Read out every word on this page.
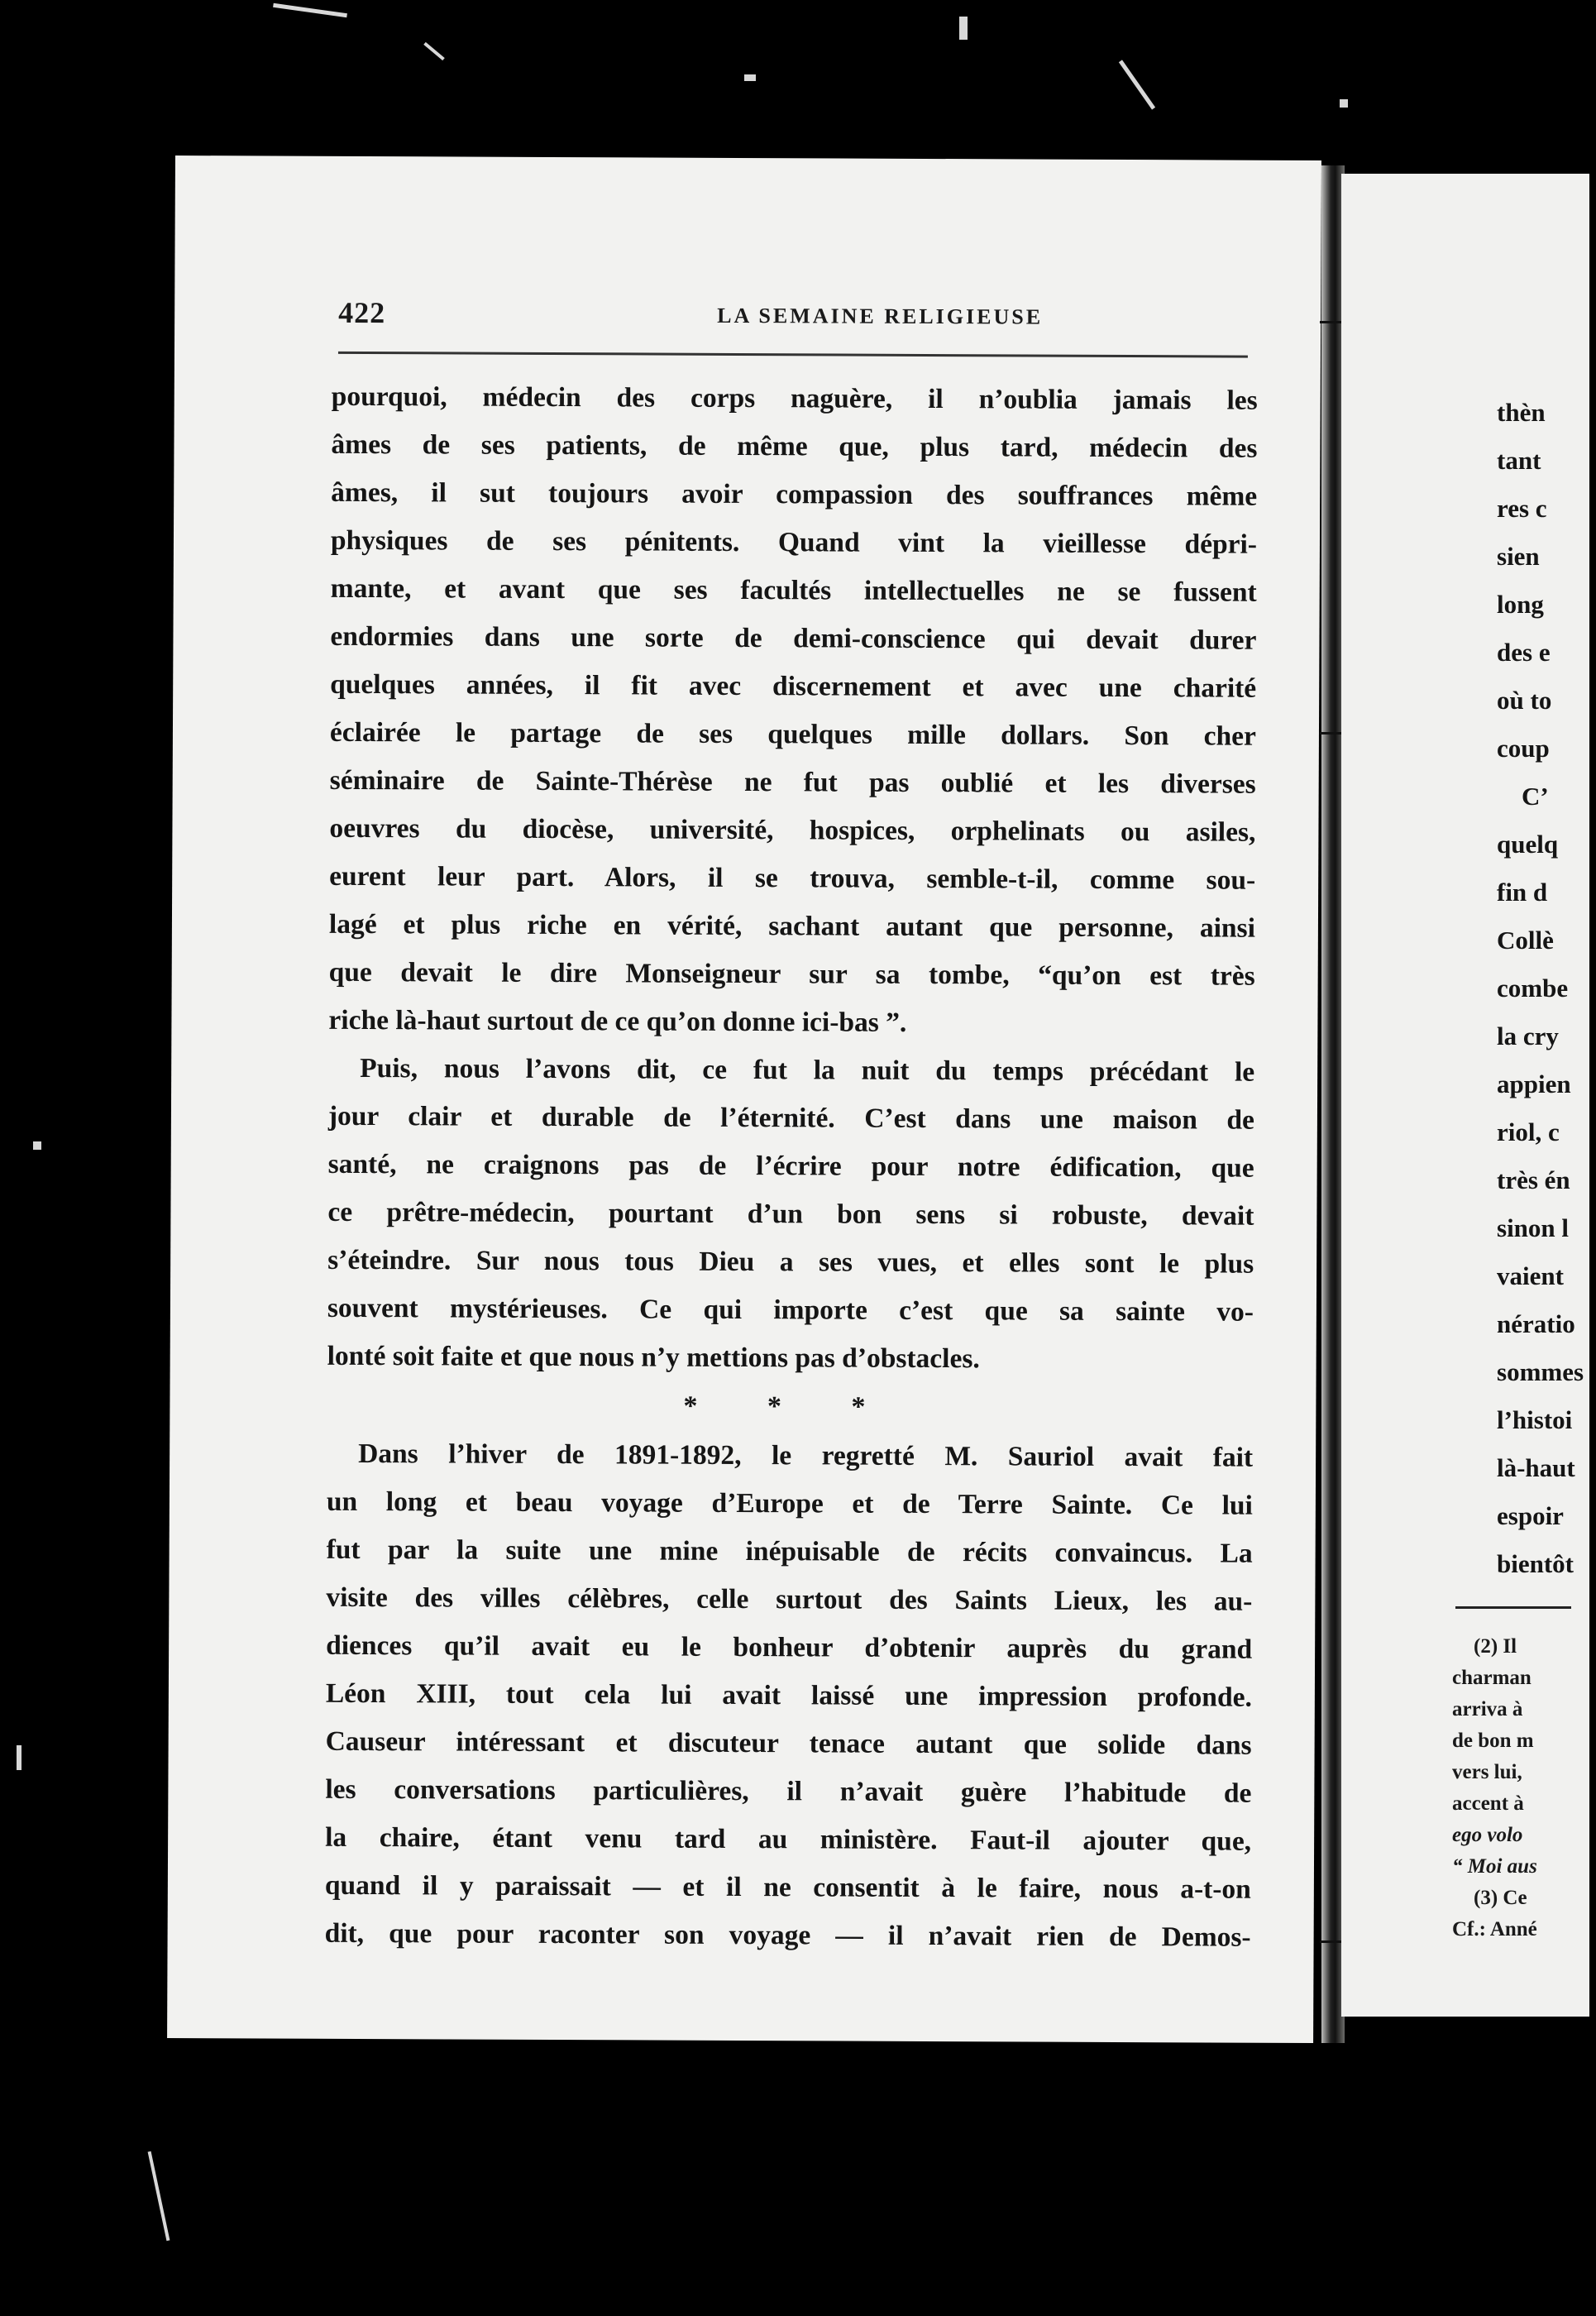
422	LA SEMAINE RELIGIEUSE
pourquoi, médecin des corps naguère, il n’oublia jamais les
âmes de ses patients, de même que, plus tard, médecin des
âmes, il sut toujours avoir compassion des souffrances même
physiques de ses pénitents. Quand vint la vieillesse dépri-
mante, et avant que ses facultés intellectuelles ne se fussent
endormies dans une sorte de demi-conscience qui devait durer
quelques années, il fit avec discernement et avec une charité
éclairée le partage de ses quelques mille dollars. Son cher
séminaire de Sainte-Thérèse ne fut pas oublié et les diverses
oeuvres du diocèse, université, hospices, orphelinats ou asiles,
eurent leur part. Alors, il se trouva, semble-t-il, comme sou-
lagé et plus riche en vérité, sachant autant que personne, ainsi
que devait le dire Monseigneur sur sa tombe, “qu’on est très
riche là-haut surtout de ce qu’on donne ici-bas ”.
Puis, nous l’avons dit, ce fut la nuit du temps précédant le
jour clair et durable de l’éternité. C’est dans une maison de
santé, ne craignons pas de l’écrire pour notre édification, que
ce prêtre-médecin, pourtant d’un bon sens si robuste, devait
s’éteindre. Sur nous tous Dieu a ses vues, et elles sont le plus
souvent mystérieuses. Ce qui importe c’est que sa sainte vo-
lonté soit faite et que nous n’y mettions pas d’obstacles.
* * *
Dans l’hiver de 1891-1892, le regretté M. Sauriol avait fait
un long et beau voyage d’Europe et de Terre Sainte. Ce lui
fut par la suite une mine inépuisable de récits convaincus. La
visite des villes célèbres, celle surtout des Saints Lieux, les au-
diences qu’il avait eu le bonheur d’obtenir auprès du grand
Léon XIII, tout cela lui avait laissé une impression profonde.
Causeur intéressant et discuteur tenace autant que solide dans
les conversations particulières, il n’avait guère l’habitude de
la chaire, étant venu tard au ministère. Faut-il ajouter que,
quand il y paraissait — et il ne consentit à le faire, nous a-t-on
dit, que pour raconter son voyage — il n’avait rien de Demos-
thèn
tant
res c
sien
long
des e
où to
coup
C’
quelq
fin d
Collè
combe
la cry
appien
riol, c
très én
sinon l
vaient
nératio
sommes
l’histoi
là-haut
espoir
bientôt
(2) Il
charman
arriva à
de bon m
vers lui,
accent à
ego volo
“ Moi aus
(3) Ce
Cf.: Anné
